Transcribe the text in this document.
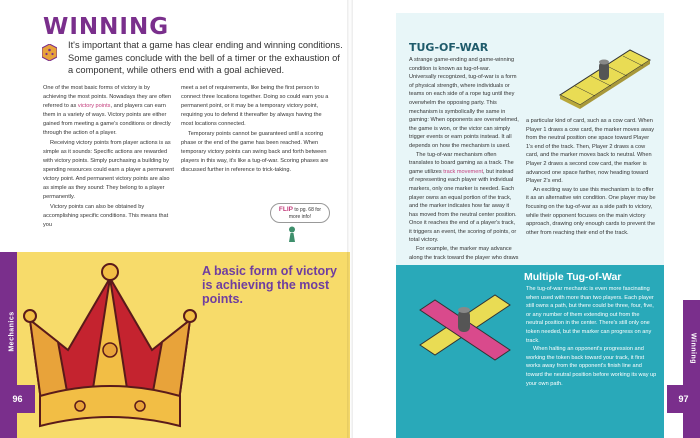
WINNING
It's important that a game has clear ending and winning conditions. Some games conclude with the bell of a timer or the exhaustion of a component, while others end with a goal achieved.

One of the most basic forms of victory is by achieving the most points. Nowadays they are often referred to as victory points, and players can earn them in a variety of ways. Victory points are either gained from meeting a game's conditions or directly through the action of a player.

Receiving victory points from player actions is as simple as it sounds: Specific actions are rewarded with victory points. Simply purchasing a building by spending resources could earn a player a permanent victory point. And permanent victory points are also as simple as they sound: They belong to a player permanently.

Victory points can also be obtained by accomplishing specific conditions. This means that you

meet a set of requirements, like being the first person to connect three locations together. Doing so could earn you a permanent point, or it may be a temporary victory point, requiring you to defend it thereafter by always having the most locations connected.

Temporary points cannot be guaranteed until a scoring phase or the end of the game has been reached. When temporary victory points can swing back and forth between players in this way, it's like a tug-of-war. Scoring phases are discussed further in reference to trick-taking.

FLIP to pg. 68 for more info!
A basic form of victory is achieving the most points.
Mechanics
96
TUG-OF-WAR

A strange game-ending and game-winning condition is known as tug-of-war. Universally recognized, tug-of-war is a form of physical strength, where individuals or teams on each side of a rope tug until they overwhelm the opposing party. This mechanism is symbolically the same in gaming: When opponents are overwhelmed, the game is won, or the victor can simply trigger events or earn points instead. It all depends on how the mechanism is used.

The tug-of-war mechanism often translates to board gaming as a track. The game utilizes track movement, but instead of representing each player with individual markers, only one marker is needed. Each player owns an equal portion of the track, and the marker indicates how far away it has moved from the neutral center position. Once it reaches the end of a player's track, it triggers an event, the scoring of points, or total victory.

For example, the marker may advance along the track toward the player who draws

a particular kind of card, such as a cow card. When Player 1 draws a cow card, the marker moves away from the neutral position one space toward Player 1's end of the track. Then, Player 2 draws a cow card, and the marker moves back to neutral. When Player 2 draws a second cow card, the marker is advanced one space farther, now heading toward Player 2's end.

An exciting way to use this mechanism is to offer it as an alternative win condition. One player may be focusing on the tug-of-war as a side path to victory, while their opponent focuses on the main victory approach, drawing only enough cards to prevent the other from reaching their end of the track.

Multiple Tug-of-War

The tug-of-war mechanic is even more fascinating when used with more than two players. Each player still owns a path, but there could be three, four, five, or any number of them extending out from the neutral position in the center. There's still only one token needed, but the marker can progress on any track.

When halting an opponent's progression and working the token back toward your track, it first works away from the opponent's finish line and toward the neutral position before working its way up your own path.

Winning
97
